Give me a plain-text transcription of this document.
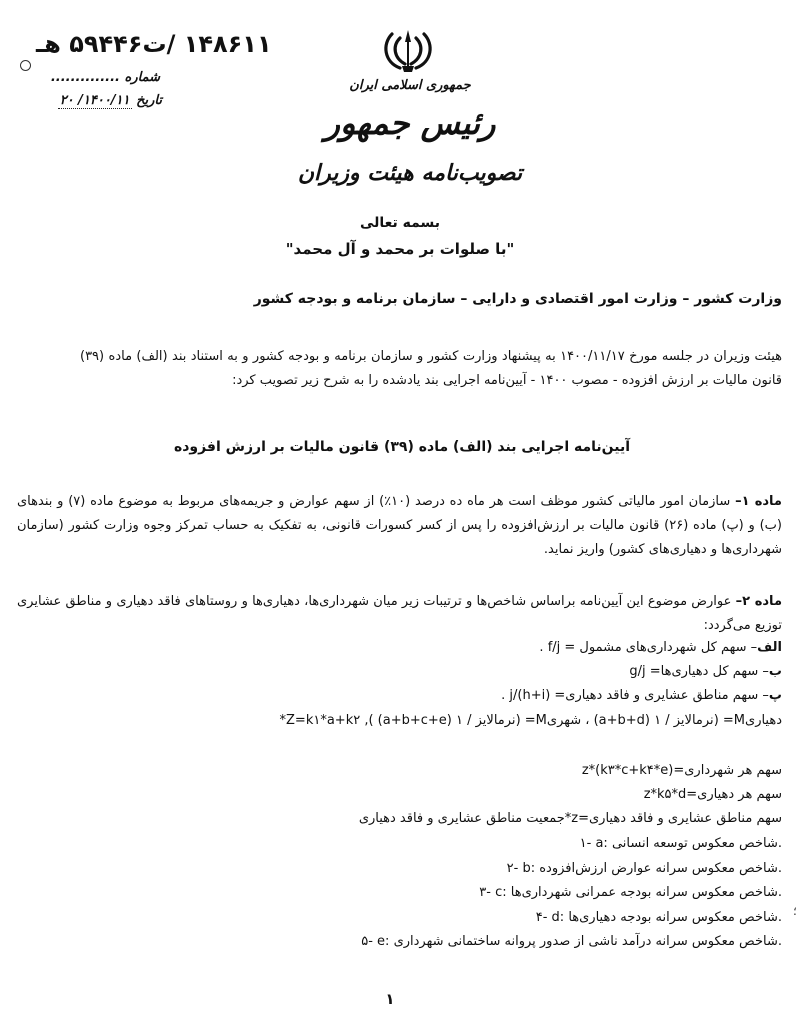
۱۴۸۶۱۱ /ت۵۹۴۴۶ هـ
شماره ..............
تاریخ ۱۴۰۰/۱۱/ ۲۰
جمهوری اسلامی ایران
رئیس جمهور
تصویب‌نامه هیئت وزیران
بسمه تعالی
"با صلوات بر محمد و آل محمد"
وزارت کشور – وزارت امور اقتصادی و دارایی – سازمان برنامه و بودجه کشور
هیئت وزیران در جلسه مورخ ۱۴۰۰/۱۱/۱۷ به پیشنهاد وزارت کشور و سازمان برنامه و بودجه کشور و به استناد بند (الف) ماده (۳۹) قانون مالیات بر ارزش افزوده - مصوب ۱۴۰۰ - آیین‌نامه اجرایی بند یادشده را به شرح زیر تصویب کرد:
آیین‌نامه اجرایی بند (الف) ماده (۳۹) قانون مالیات بر ارزش افزوده
ماده ۱– سازمان امور مالیاتی کشور موظف است هر ماه ده درصد (۱۰٪) از سهم عوارض و جریمه‌های مربوط به موضوع ماده (۷) و بندهای (ب) و (پ) ماده (۲۶) قانون مالیات بر ارزش‌افزوده را پس از کسر کسورات قانونی، به تفکیک به حساب تمرکز وجوه وزارت کشور (سازمان شهرداری‌ها و دهیاری‌های کشور) واریز نماید.
ماده ۲– عوارض موضوع این آیین‌نامه براساس شاخص‌ها و ترتیبات زیر میان شهرداری‌ها، دهیاری‌ها و روستاهای فاقد دهیاری و مناطق عشایری توزیع می‌گردد:
الف– سهم کل شهرداری‌های مشمول = f/j .
ب– سهم کل دهیاری‌ها= g/j
پ– سهم مناطق عشایری و فاقد دهیاری= (h+i)/j .
*Z=k۱*a+k۲ ,( (a+b+c+e) نرمالایز / ۱) =M‌شهری ، (a+b+d) نرمالایز / ۱) =Mدهیاری
سهم هر شهرداری=z*(k۳*c+k۴*e)
سهم هر دهیاری=z*k۵*d
سهم مناطق عشایری و فاقد دهیاری=z*جمعیت مناطق عشایری و فاقد دهیاری
۱- a: شاخص معکوس توسعه انسانی.
۲- b: شاخص معکوس سرانه عوارض ارزش‌افزوده.
۳- c: شاخص معکوس سرانه بودجه عمرانی شهرداری‌ها.
۴- d: شاخص معکوس سرانه بودجه دهیاری‌ها.
۵- e: شاخص معکوس سرانه درآمد ناشی از صدور پروانه ساختمانی شهرداری.
۱
؛
